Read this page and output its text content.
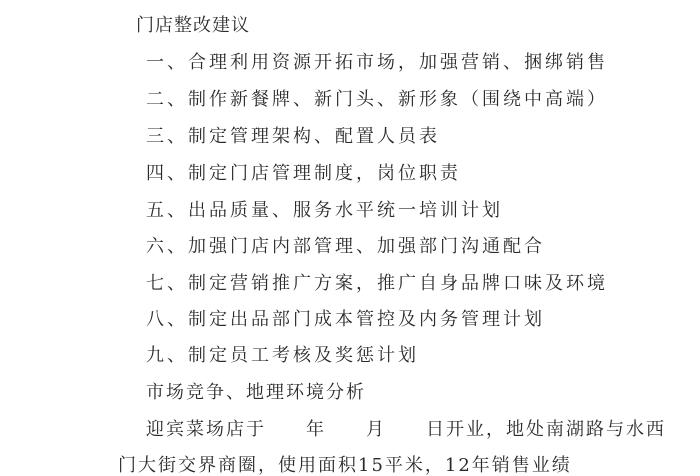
门店整改建议
一、合理利用资源开拓市场，加强营销、捆绑销售
二、制作新餐牌、新门头、新形象（围绕中高端）
三、制定管理架构、配置人员表
四、制定门店管理制度，岗位职责
五、出品质量、服务水平统一培训计划
六、加强门店内部管理、加强部门沟通配合
七、制定营销推广方案，推广自身品牌口味及环境
八、制定出品部门成本管控及内务管理计划
九、制定员工考核及奖惩计划
市场竞争、地理环境分析
迎宾菜场店于　　年　　月　　日开业，地处南湖路与水西
门大街交界商圈，使用面积15平米，12年销售业绩
